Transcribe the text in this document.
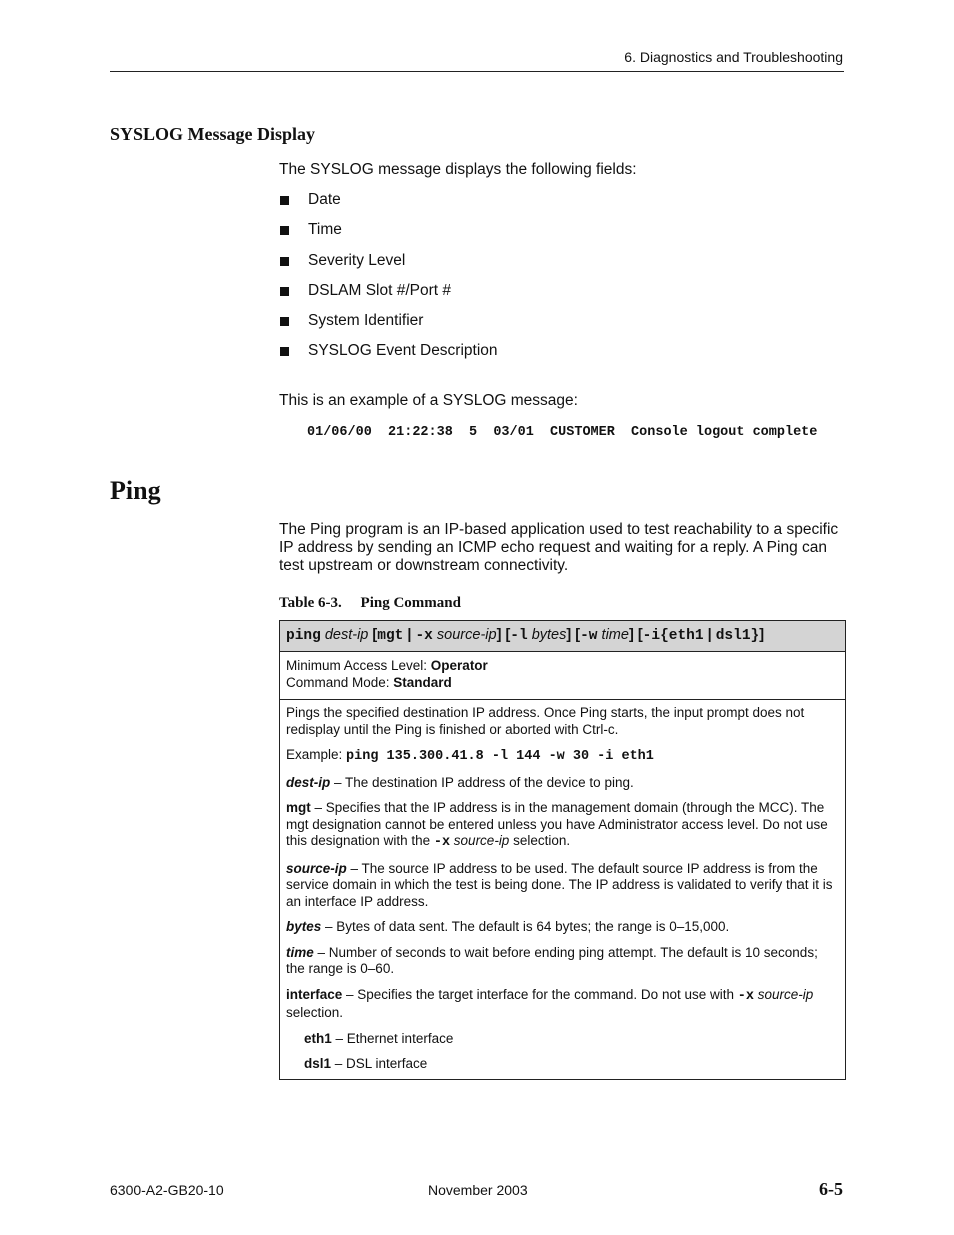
6. Diagnostics and Troubleshooting
SYSLOG Message Display
The SYSLOG message displays the following fields:
Date
Time
Severity Level
DSLAM Slot #/Port #
System Identifier
SYSLOG Event Description
This is an example of a SYSLOG message:
01/06/00  21:22:38  5  03/01  CUSTOMER  Console logout complete
Ping
The Ping program is an IP-based application used to test reachability to a specific IP address by sending an ICMP echo request and waiting for a reply. A Ping can test upstream or downstream connectivity.
Table 6-3.     Ping Command
ping dest-ip [mgt | -x source-ip] [-l bytes] [-w time] [-i{eth1 | dsl1}]
Minimum Access Level: Operator
Command Mode: Standard

Pings the specified destination IP address. Once Ping starts, the input prompt does not redisplay until the Ping is finished or aborted with Ctrl-c.

Example: ping 135.300.41.8 -l 144 -w 30 -i eth1

dest-ip – The destination IP address of the device to ping.

mgt – Specifies that the IP address is in the management domain (through the MCC). The mgt designation cannot be entered unless you have Administrator access level. Do not use this designation with the -x source-ip selection.

source-ip – The source IP address to be used. The default source IP address is from the service domain in which the test is being done. The IP address is validated to verify that it is an interface IP address.

bytes – Bytes of data sent. The default is 64 bytes; the range is 0–15,000.

time – Number of seconds to wait before ending ping attempt. The default is 10 seconds; the range is 0–60.

interface – Specifies the target interface for the command. Do not use with -x source-ip selection.

eth1 – Ethernet interface

dsl1 – DSL interface

6300-A2-GB20-10	November 2003	6-5
